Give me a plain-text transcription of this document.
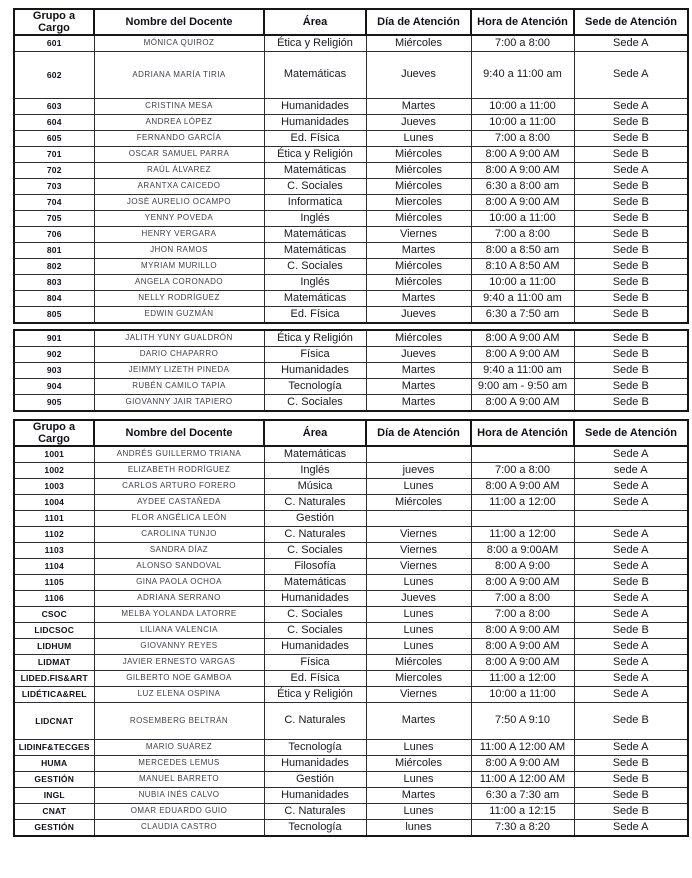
Grupo a Cargo	Nombre del Docente	Área	Día de Atención	Hora de Atención	Sede de Atención
601	MÓNICA QUIROZ	Ética y Religión	Miércoles	7:00 a 8:00	Sede A
602	ADRIANA MARÍA TIRIA	Matemáticas	Jueves	9:40 a 11:00 am	Sede A
603	CRISTINA MESA	Humanidades	Martes	10:00 a 11:00	Sede A
604	ANDREA LÓPEZ	Humanidades	Jueves	10:00 a 11:00	Sede B
605	FERNANDO GARCÍA	Ed. Física	Lunes	7:00 a 8:00	Sede B
701	OSCAR SAMUEL PARRA	Ética y Religión	Miércoles	8:00 A 9:00 AM	Sede B
702	RAÚL ÁLVAREZ	Matemáticas	Miércoles	8:00 A 9:00 AM	Sede A
703	ARANTXA CAICEDO	C. Sociales	Miércoles	6:30 a 8:00 am	Sede B
704	JOSÉ AURELIO OCAMPO	Informatica	Miercoles	8:00 A 9:00 AM	Sede B
705	YENNY POVEDA	Inglés	Miércoles	10:00 a 11:00	Sede B
706	HENRY VERGARA	Matemáticas	Viernes	7:00 a 8:00	Sede B
801	JHON RAMOS	Matemáticas	Martes	8:00 a 8:50 am	Sede B
802	MYRIAM MURILLO	C. Sociales	Miércoles	8:10 A 8:50 AM	Sede B
803	ANGELA CORONADO	Inglés	Miércoles	10:00 a 11:00	Sede B
804	NELLY RODRÍGUEZ	Matemáticas	Martes	9:40 a 11:00 am	Sede B
805	EDWIN GUZMÁN	Ed. Física	Jueves	6:30 a 7:50 am	Sede B
901	JALITH YUNY GUALDRÓN	Ética y Religión	Miércoles	8:00 A 9:00 AM	Sede B
902	DARIO CHAPARRO	Física	Jueves	8:00 A 9:00 AM	Sede B
903	JEIMMY LIZETH PINEDA	Humanidades	Martes	9:40 a 11:00 am	Sede B
904	RUBÉN CAMILO TAPIA	Tecnología	Martes	9:00 am - 9:50 am	Sede B
905	GIOVANNY JAIR TAPIERO	C. Sociales	Martes	8:00 A 9:00 AM	Sede B
Grupo a Cargo	Nombre del Docente	Área	Día de Atención	Hora de Atención	Sede de Atención
1001	ANDRÉS GUILLERMO TRIANA	Matemáticas			Sede A
1002	ELIZABETH RODRÍGUEZ	Inglés	jueves	7:00 a 8:00	sede A
1003	CARLOS ARTURO FORERO	Música	Lunes	8:00 A 9:00 AM	Sede A
1004	AYDEE CASTAÑEDA	C. Naturales	Miércoles	11:00 a 12:00	Sede A
1101	FLOR ANGÉLICA LEÓN	Gestión			
1102	CAROLINA TUNJO	C. Naturales	Viernes	11:00 a 12:00	Sede A
1103	SANDRA DÍAZ	C. Sociales	Viernes	8:00 a 9:00AM	Sede A
1104	ALONSO SANDOVAL	Filosofía	Viernes	8:00 A 9:00	Sede A
1105	GINA PAOLA OCHOA	Matemáticas	Lunes	8:00 A 9:00 AM	Sede B
1106	ADRIANA SERRANO	Humanidades	Jueves	7:00 a 8:00	Sede A
CSOC	MELBA YOLANDA LATORRE	C. Sociales	Lunes	7:00 a 8:00	Sede A
LIDCSOC	LILIANA VALENCIA	C. Sociales	Lunes	8:00 A 9:00 AM	Sede B
LIDHUM	GIOVANNY REYES	Humanidades	Lunes	8:00 A 9:00 AM	Sede A
LIDMAT	JAVIER ERNESTO VARGAS	Física	Miércoles	8:00 A 9:00 AM	Sede A
LIDED.FIS&ART	GILBERTO NOE GAMBOA	Ed. Física	Miercoles	11:00 a 12:00	Sede A
LIDÉTICA&REL	LUZ ELENA OSPINA	Ética y Religión	Viernes	10:00 a 11:00	Sede A
LIDCNAT	ROSEMBERG BELTRÁN	C. Naturales	Martes	7:50 A 9:10	Sede B
LIDINF&TECGES	MARIO SUÁREZ	Tecnología	Lunes	11:00 A 12:00 AM	Sede A
HUMA	MERCEDES LEMUS	Humanidades	Miércoles	8:00 A 9:00 AM	Sede B
GESTIÓN	MANUEL BARRETO	Gestión	Lunes	11:00 A 12:00 AM	Sede B
INGL	NUBIA INÉS CALVO	Humanidades	Martes	6:30 a 7:30 am	Sede B
CNAT	OMAR EDUARDO GUIO	C. Naturales	Lunes	11:00 a 12:15	Sede B
GESTIÓN	CLAUDIA CASTRO	Tecnología	lunes	7:30 a 8:20	Sede A
